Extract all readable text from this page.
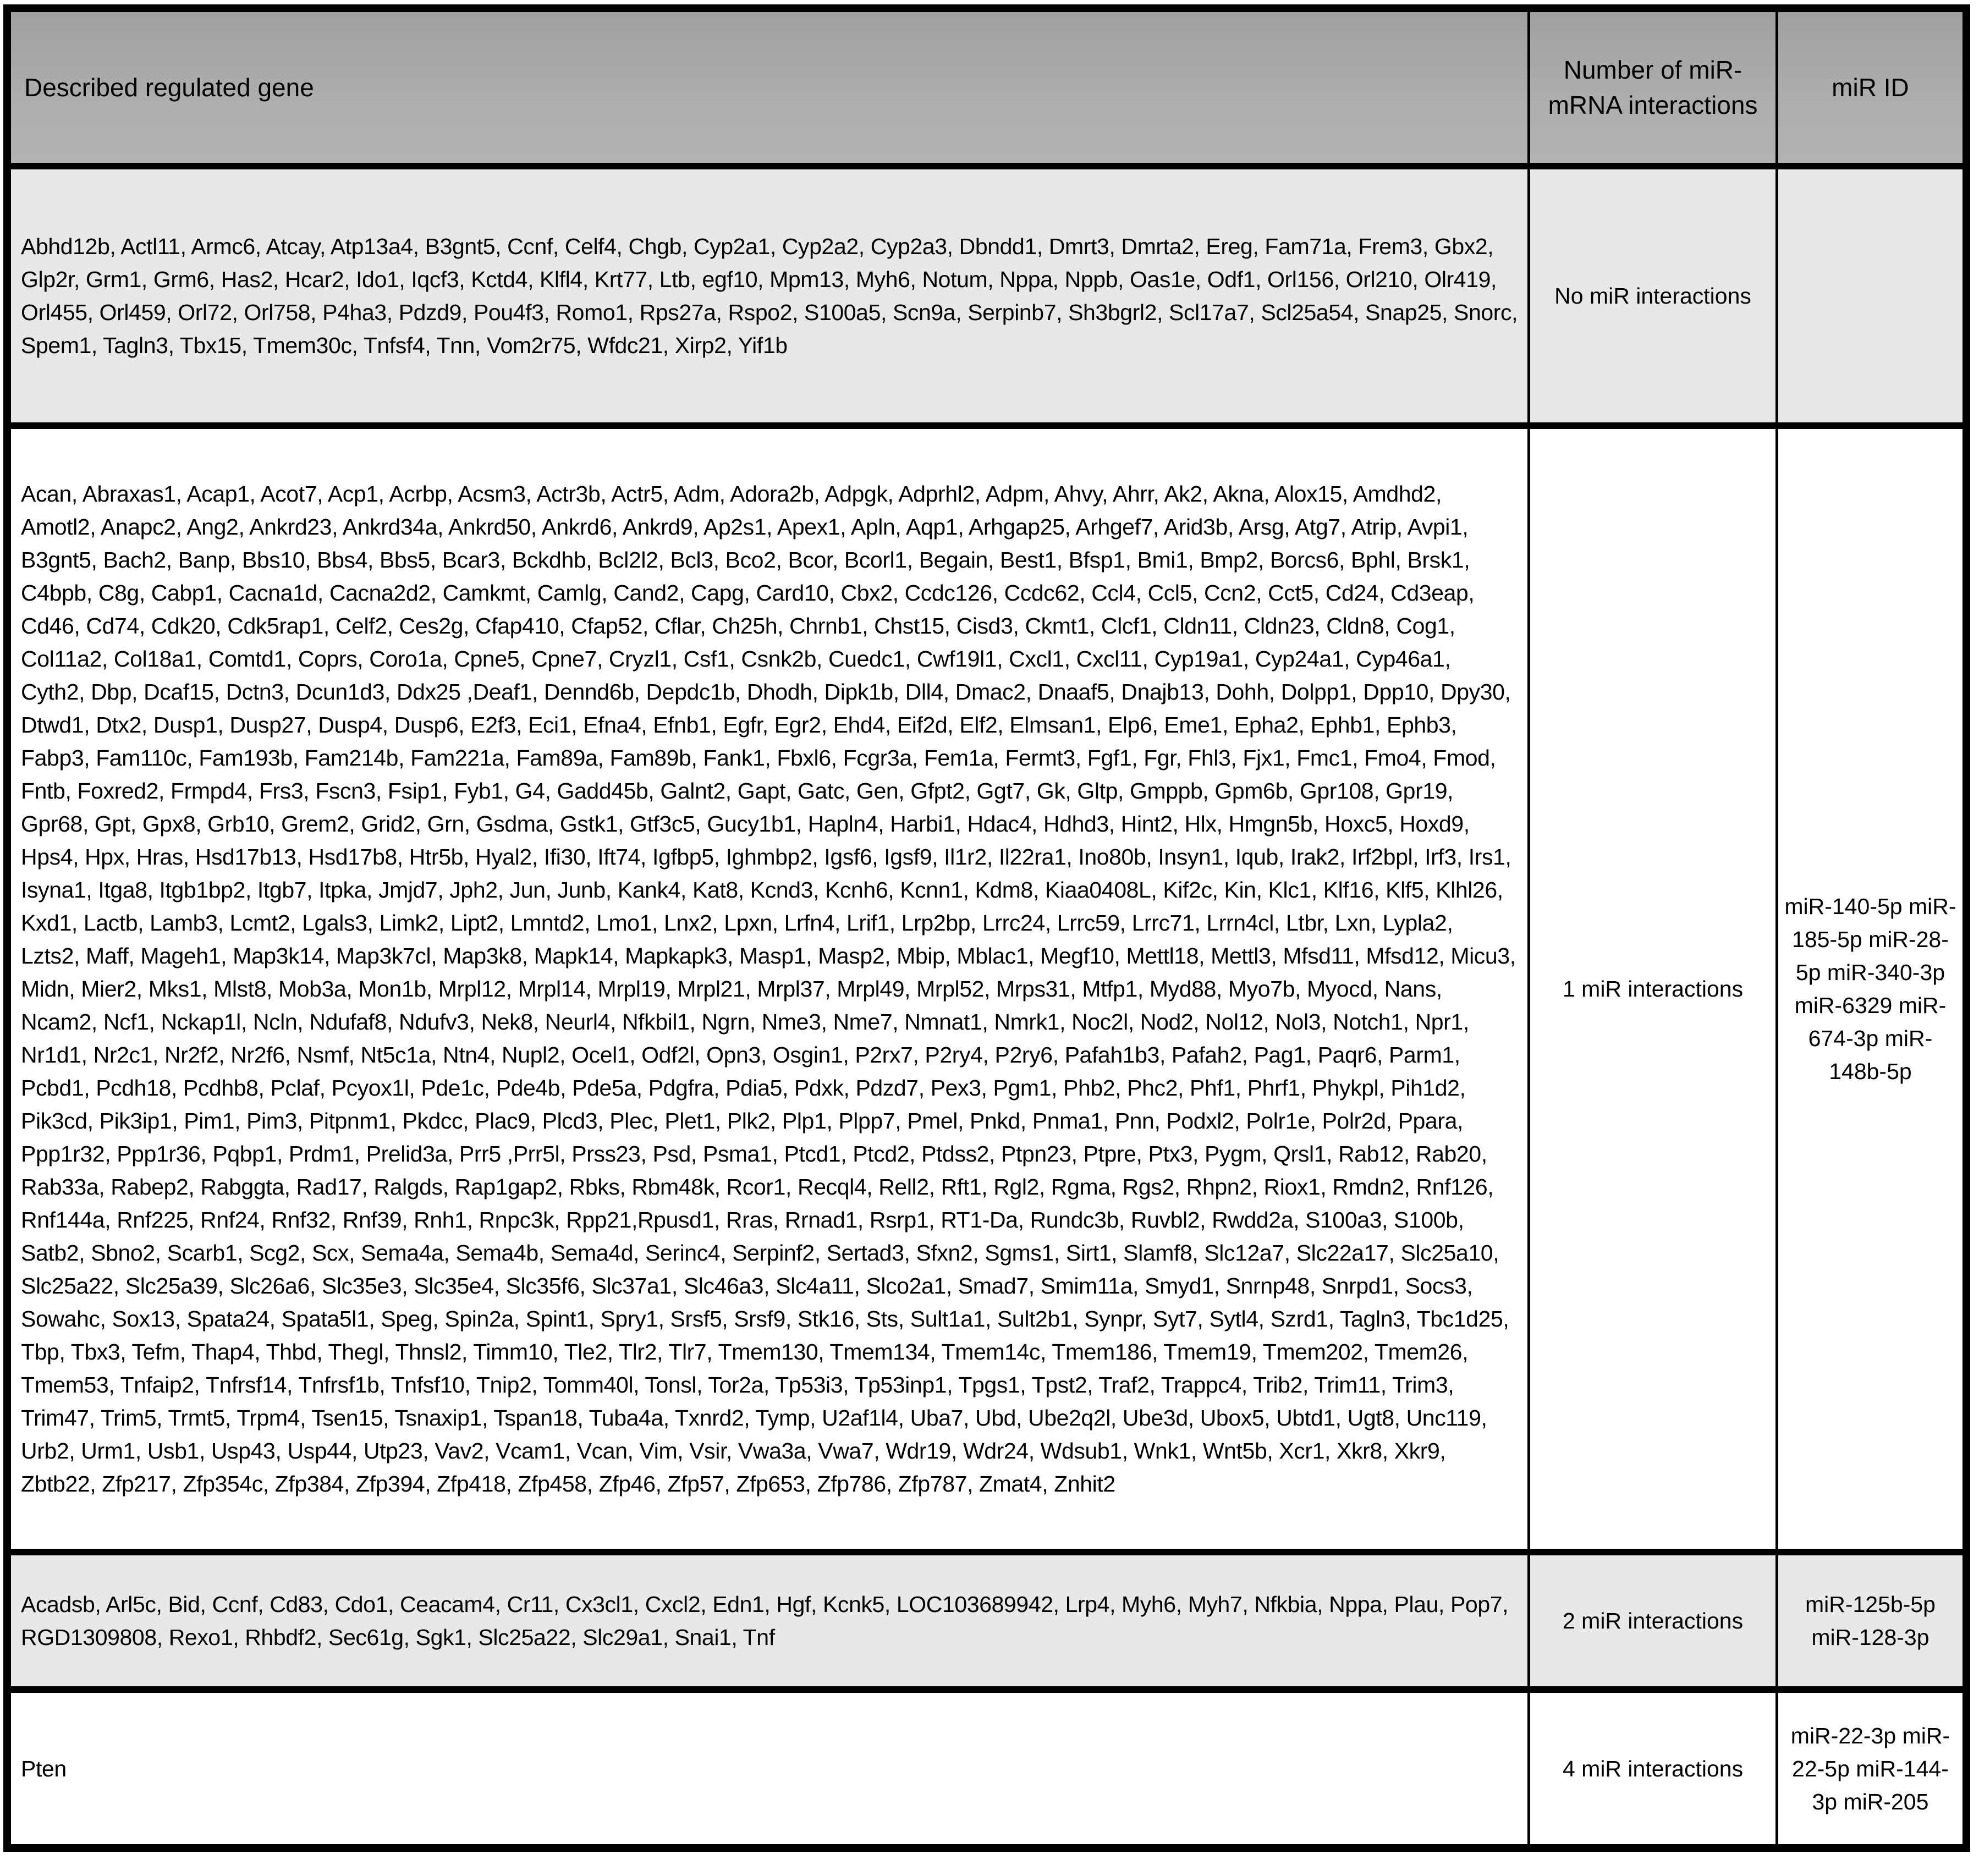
Described regulated gene	Number of miR-mRNA interactions	miR ID
Abhd12b, Actl11, Armc6, Atcay, Atp13a4, B3gnt5, Ccnf, Celf4, Chgb, Cyp2a1, Cyp2a2, Cyp2a3, Dbndd1, Dmrt3, Dmrta2, Ereg, Fam71a, Frem3, Gbx2, Glp2r, Grm1, Grm6, Has2, Hcar2, Ido1, Iqcf3, Kctd4, Klfl4, Krt77, Ltb, egf10, Mpm13, Myh6, Notum, Nppa, Nppb, Oas1e, Odf1, Orl156, Orl210, Olr419, Orl455, Orl459, Orl72, Orl758, P4ha3, Pdzd9, Pou4f3, Romo1, Rps27a, Rspo2, S100a5, Scn9a, Serpinb7, Sh3bgrl2, Scl17a7, Scl25a54, Snap25, Snorc, Spem1, Tagln3, Tbx15, Tmem30c, Tnfsf4, Tnn, Vom2r75, Wfdc21, Xirp2, Yif1b	No miR interactions	
Acan, Abraxas1, Acap1, Acot7, Acp1, Acrbp, Acsm3, Actr3b, Actr5, Adm, Adora2b, Adpgk, Adprhl2, Adpm, Ahvy, Ahrr, Ak2, Akna, Alox15, Amdhd2, Amotl2, Anapc2, Ang2, Ankrd23, Ankrd34a, Ankrd50, Ankrd6, Ankrd9, Ap2s1, Apex1, Apln, Aqp1, Arhgap25, Arhgef7, Arid3b, Arsg, Atg7, Atrip, Avpi1, B3gnt5, Bach2, Banp, Bbs10, Bbs4, Bbs5, Bcar3, Bckdhb, Bcl2l2, Bcl3, Bco2, Bcor, Bcorl1, Begain, Best1, Bfsp1, Bmi1, Bmp2, Borcs6, Bphl, Brsk1, C4bpb, C8g, Cabp1, Cacna1d, Cacna2d2, Camkmt, Camlg, Cand2, Capg, Card10, Cbx2, Ccdc126, Ccdc62, Ccl4, Ccl5, Ccn2, Cct5, Cd24, Cd3eap, Cd46, Cd74, Cdk20, Cdk5rap1, Celf2, Ces2g, Cfap410, Cfap52, Cflar, Ch25h, Chrnb1, Chst15, Cisd3, Ckmt1, Clcf1, Cldn11, Cldn23, Cldn8, Cog1, Col11a2, Col18a1, Comtd1, Coprs, Coro1a, Cpne5, Cpne7, Cryzl1, Csf1, Csnk2b, Cuedc1, Cwf19l1, Cxcl1, Cxcl11, Cyp19a1, Cyp24a1, Cyp46a1, Cyth2, Dbp, Dcaf15, Dctn3, Dcun1d3, Ddx25 ,Deaf1, Dennd6b, Depdc1b, Dhodh, Dipk1b, Dll4, Dmac2, Dnaaf5, Dnajb13, Dohh, Dolpp1, Dpp10, Dpy30, Dtwd1, Dtx2, Dusp1, Dusp27, Dusp4, Dusp6, E2f3, Eci1, Efna4, Efnb1, Egfr, Egr2, Ehd4, Eif2d, Elf2, Elmsan1, Elp6, Eme1, Epha2, Ephb1, Ephb3, Fabp3, Fam110c, Fam193b, Fam214b, Fam221a, Fam89a, Fam89b, Fank1, Fbxl6, Fcgr3a, Fem1a, Fermt3, Fgf1, Fgr, Fhl3, Fjx1, Fmc1, Fmo4, Fmod, Fntb, Foxred2, Frmpd4, Frs3, Fscn3, Fsip1, Fyb1, G4, Gadd45b, Galnt2, Gapt, Gatc, Gen, Gfpt2, Ggt7, Gk, Gltp, Gmppb, Gpm6b, Gpr108, Gpr19, Gpr68, Gpt, Gpx8, Grb10, Grem2, Grid2, Grn, Gsdma, Gstk1, Gtf3c5, Gucy1b1, Hapln4, Harbi1, Hdac4, Hdhd3, Hint2, Hlx, Hmgn5b, Hoxc5, Hoxd9, Hps4, Hpx, Hras, Hsd17b13, Hsd17b8, Htr5b, Hyal2, Ifi30, Ift74, Igfbp5, Ighmbp2, Igsf6, Igsf9, Il1r2, Il22ra1, Ino80b, Insyn1, Iqub, Irak2, Irf2bpl, Irf3, Irs1, Isyna1, Itga8, Itgb1bp2, Itgb7, Itpka, Jmjd7, Jph2, Jun, Junb, Kank4, Kat8, Kcnd3, Kcnh6, Kcnn1, Kdm8, Kiaa0408L, Kif2c, Kin, Klc1, Klf16, Klf5, Klhl26, Kxd1, Lactb, Lamb3, Lcmt2, Lgals3, Limk2, Lipt2, Lmntd2, Lmo1, Lnx2, Lpxn, Lrfn4, Lrif1, Lrp2bp, Lrrc24, Lrrc59, Lrrc71, Lrrn4cl, Ltbr, Lxn, Lypla2, Lzts2, Maff, Mageh1, Map3k14, Map3k7cl, Map3k8, Mapk14, Mapkapk3, Masp1, Masp2, Mbip, Mblac1, Megf10, Mettl18, Mettl3, Mfsd11, Mfsd12, Micu3, Midn, Mier2, Mks1, Mlst8, Mob3a, Mon1b, Mrpl12, Mrpl14, Mrpl19, Mrpl21, Mrpl37, Mrpl49, Mrpl52, Mrps31, Mtfp1, Myd88, Myo7b, Myocd, Nans, Ncam2, Ncf1, Nckap1l, Ncln, Ndufaf8, Ndufv3, Nek8, Neurl4, Nfkbil1, Ngrn, Nme3, Nme7, Nmnat1, Nmrk1, Noc2l, Nod2, Nol12, Nol3, Notch1, Npr1, Nr1d1, Nr2c1, Nr2f2, Nr2f6, Nsmf, Nt5c1a, Ntn4, Nupl2, Ocel1, Odf2l, Opn3, Osgin1, P2rx7, P2ry4, P2ry6, Pafah1b3, Pafah2, Pag1, Paqr6, Parm1, Pcbd1, Pcdh18, Pcdhb8, Pclaf, Pcyox1l, Pde1c, Pde4b, Pde5a, Pdgfra, Pdia5, Pdxk, Pdzd7, Pex3, Pgm1, Phb2, Phc2, Phf1, Phrf1, Phykpl, Pih1d2, Pik3cd, Pik3ip1, Pim1, Pim3, Pitpnm1, Pkdcc, Plac9, Plcd3, Plec, Plet1, Plk2, Plp1, Plpp7, Pmel, Pnkd, Pnma1, Pnn, Podxl2, Polr1e, Polr2d, Ppara, Ppp1r32, Ppp1r36, Pqbp1, Prdm1, Prelid3a, Prr5 ,Prr5l, Prss23, Psd, Psma1, Ptcd1, Ptcd2, Ptdss2, Ptpn23, Ptpre, Ptx3, Pygm, Qrsl1, Rab12, Rab20, Rab33a, Rabep2, Rabggta, Rad17, Ralgds, Rap1gap2, Rbks, Rbm48k, Rcor1, Recql4, Rell2, Rft1, Rgl2, Rgma, Rgs2, Rhpn2, Riox1, Rmdn2, Rnf126, Rnf144a, Rnf225, Rnf24, Rnf32, Rnf39, Rnh1, Rnpc3k, Rpp21,Rpusd1, Rras, Rrnad1, Rsrp1, RT1-Da, Rundc3b, Ruvbl2, Rwdd2a, S100a3, S100b, Satb2, Sbno2, Scarb1, Scg2, Scx, Sema4a, Sema4b, Sema4d, Serinc4, Serpinf2, Sertad3, Sfxn2, Sgms1, Sirt1, Slamf8, Slc12a7, Slc22a17, Slc25a10, Slc25a22, Slc25a39, Slc26a6, Slc35e3, Slc35e4, Slc35f6, Slc37a1, Slc46a3, Slc4a11, Slco2a1, Smad7, Smim11a, Smyd1, Snrnp48, Snrpd1, Socs3, Sowahc, Sox13, Spata24, Spata5l1, Speg, Spin2a, Spint1, Spry1, Srsf5, Srsf9, Stk16, Sts, Sult1a1, Sult2b1, Synpr, Syt7, Sytl4, Szrd1, Tagln3, Tbc1d25, Tbp, Tbx3, Tefm, Thap4, Thbd, Thegl, Thnsl2, Timm10, Tle2, Tlr2, Tlr7, Tmem130, Tmem134, Tmem14c, Tmem186, Tmem19, Tmem202, Tmem26, Tmem53, Tnfaip2, Tnfrsf14, Tnfrsf1b, Tnfsf10, Tnip2, Tomm40l, Tonsl, Tor2a, Tp53i3, Tp53inp1, Tpgs1, Tpst2, Traf2, Trappc4, Trib2, Trim11, Trim3, Trim47, Trim5, Trmt5, Trpm4, Tsen15, Tsnaxip1, Tspan18, Tuba4a, Txnrd2, Tymp, U2af1l4, Uba7, Ubd, Ube2q2l, Ube3d, Ubox5, Ubtd1, Ugt8, Unc119, Urb2, Urm1, Usb1, Usp43, Usp44, Utp23, Vav2, Vcam1, Vcan, Vim, Vsir, Vwa3a, Vwa7, Wdr19, Wdr24, Wdsub1, Wnk1, Wnt5b, Xcr1, Xkr8, Xkr9, Zbtb22, Zfp217, Zfp354c, Zfp384, Zfp394, Zfp418, Zfp458, Zfp46, Zfp57, Zfp653, Zfp786, Zfp787, Zmat4, Znhit2	1 miR interactions	miR-140-5p miR-185-5p miR-28-5p miR-340-3p miR-6329 miR-674-3p miR-148b-5p
Acadsb, Arl5c, Bid, Ccnf, Cd83, Cdo1, Ceacam4, Cr11, Cx3cl1, Cxcl2, Edn1, Hgf, Kcnk5, LOC103689942, Lrp4, Myh6, Myh7, Nfkbia, Nppa, Plau, Pop7, RGD1309808, Rexo1, Rhbdf2, Sec61g, Sgk1, Slc25a22, Slc29a1, Snai1, Tnf	2 miR interactions	miR-125b-5p miR-128-3p
Pten	4 miR interactions	miR-22-3p miR-22-5p miR-144-3p miR-205
